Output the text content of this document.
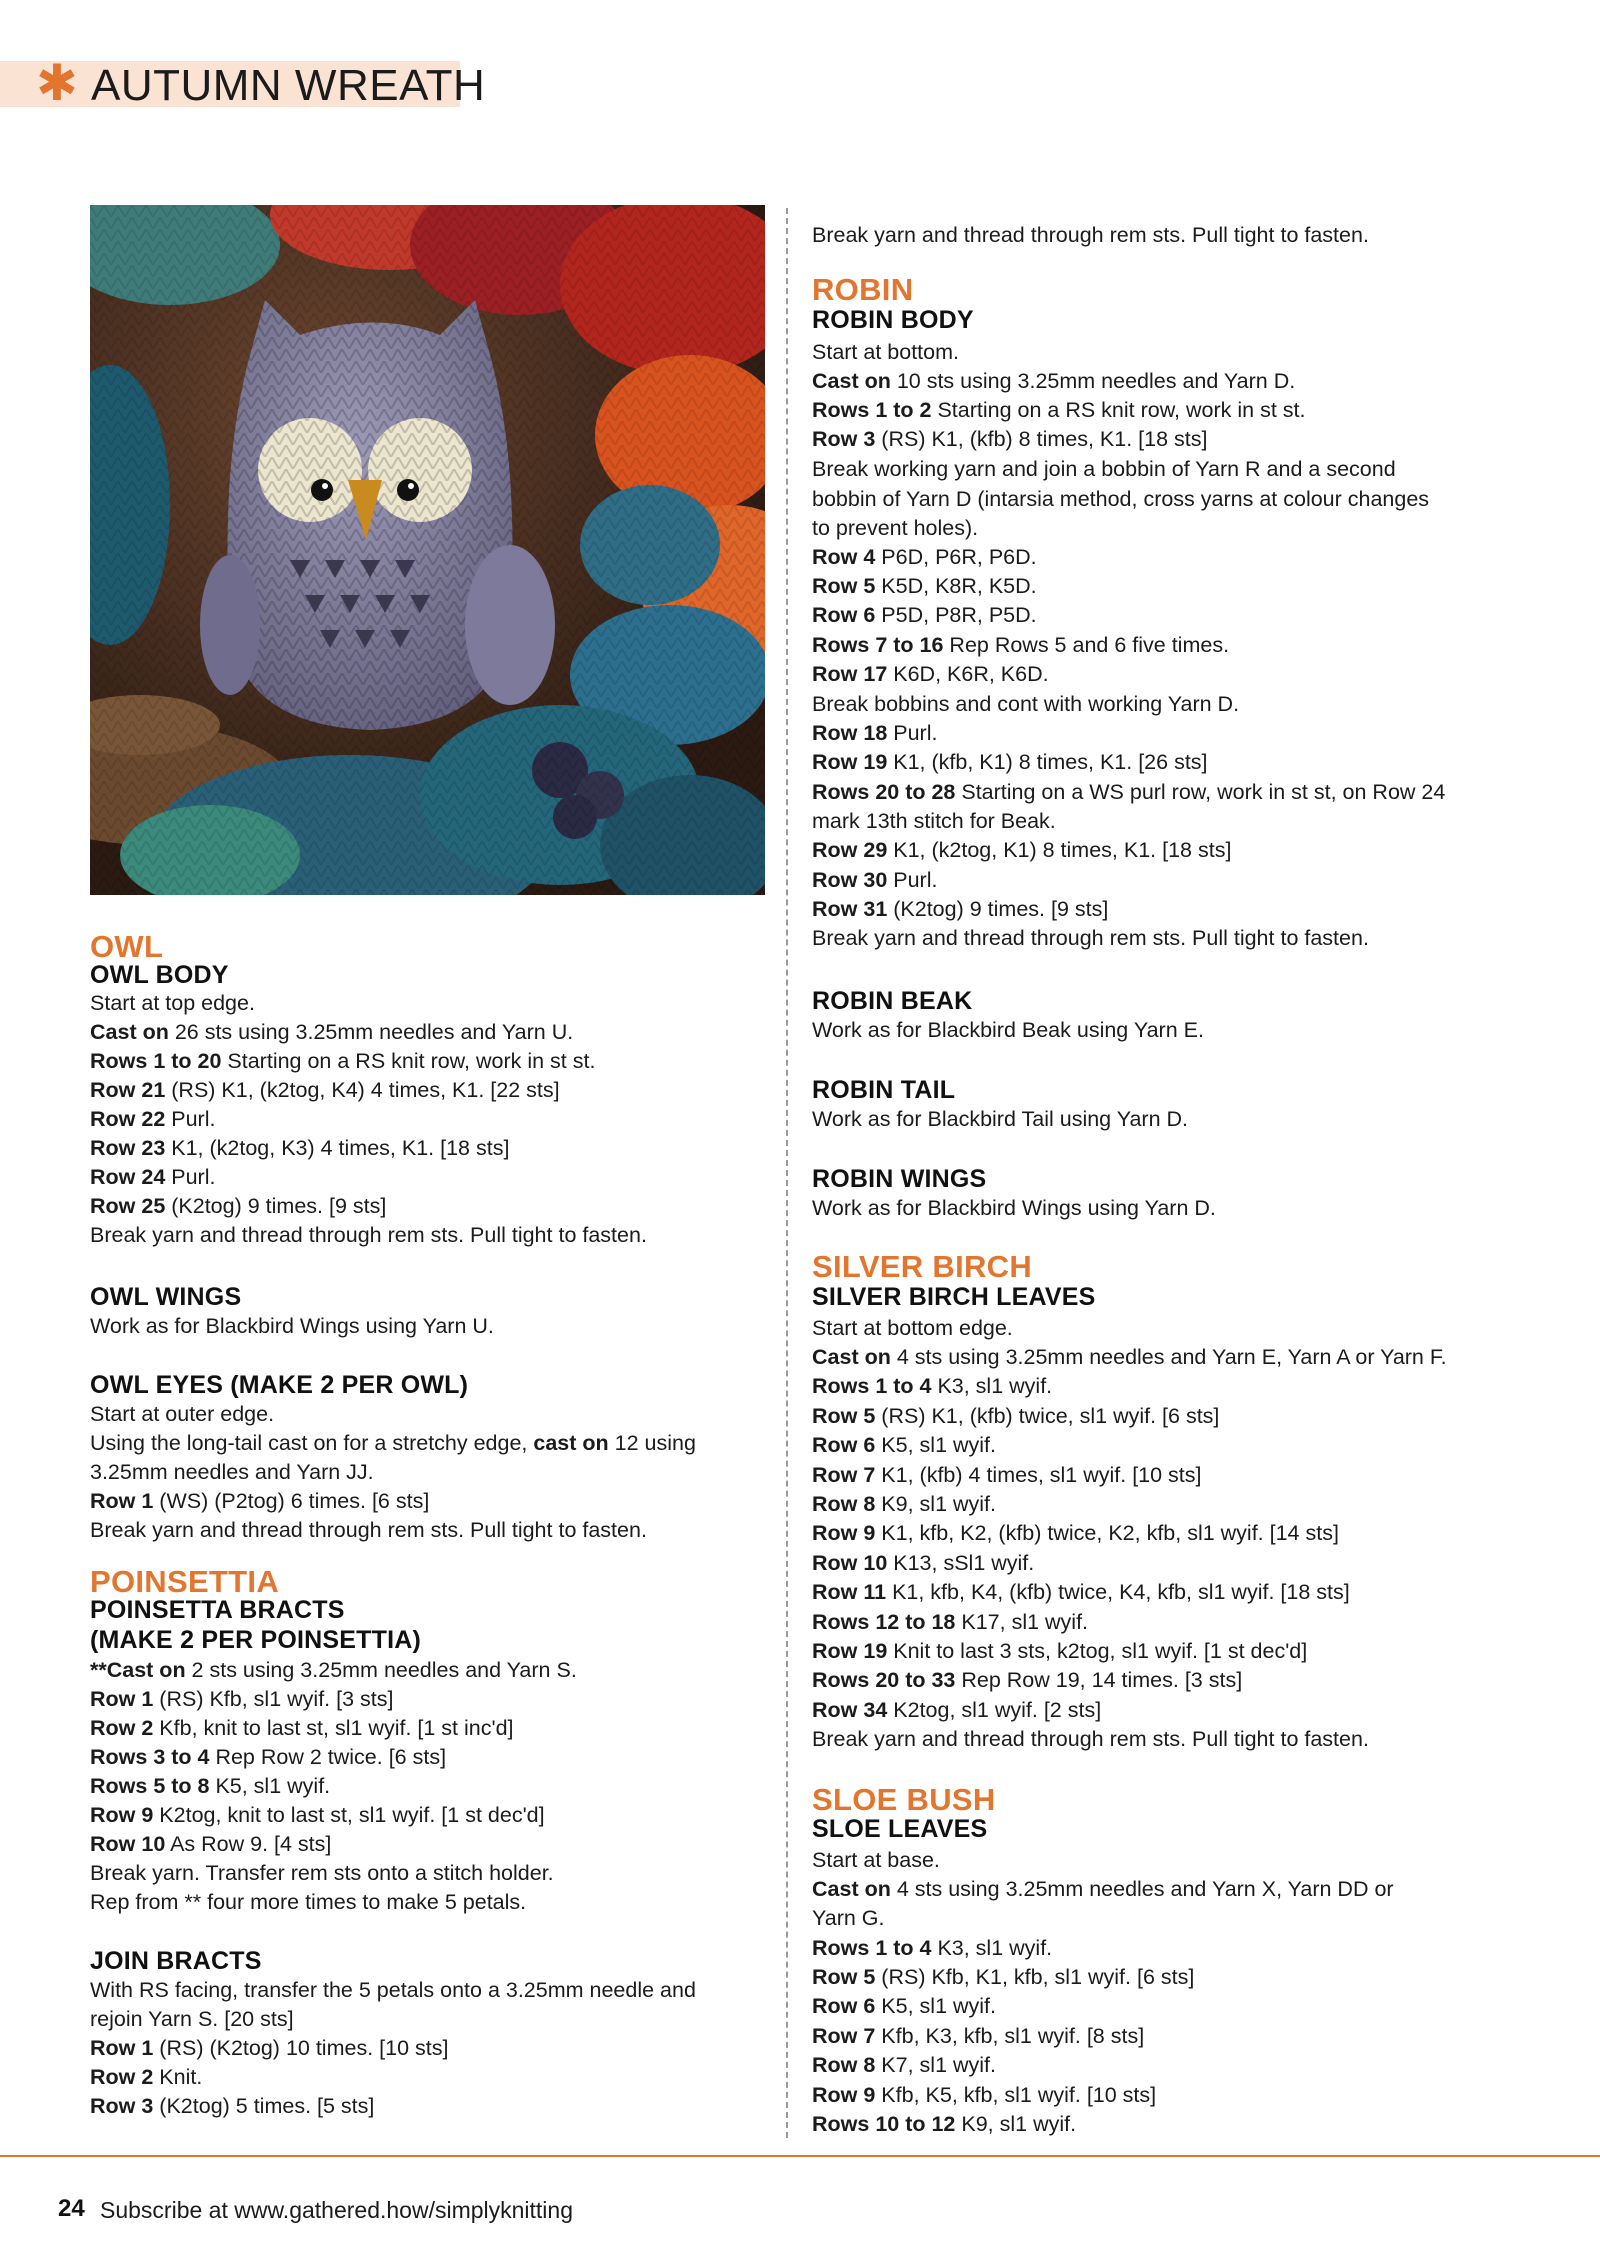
✱ AUTUMN WREATH
OWL
OWL BODY
Start at top edge.
Cast on 26 sts using 3.25mm needles and Yarn U.
Rows 1 to 20 Starting on a RS knit row, work in st st.
Row 21 (RS) K1, (k2tog, K4) 4 times, K1. [22 sts]
Row 22 Purl.
Row 23 K1, (k2tog, K3) 4 times, K1. [18 sts]
Row 24 Purl.
Row 25 (K2tog) 9 times. [9 sts]
Break yarn and thread through rem sts. Pull tight to fasten.
OWL WINGS
Work as for Blackbird Wings using Yarn U.
OWL EYES (MAKE 2 PER OWL)
Start at outer edge.
Using the long-tail cast on for a stretchy edge, cast on 12 using
3.25mm needles and Yarn JJ.
Row 1 (WS) (P2tog) 6 times. [6 sts]
Break yarn and thread through rem sts. Pull tight to fasten.
POINSETTIA
POINSETTA BRACTS
(MAKE 2 PER POINSETTIA)
**Cast on 2 sts using 3.25mm needles and Yarn S.
Row 1 (RS) Kfb, sl1 wyif. [3 sts]
Row 2 Kfb, knit to last st, sl1 wyif. [1 st inc'd]
Rows 3 to 4 Rep Row 2 twice. [6 sts]
Rows 5 to 8 K5, sl1 wyif.
Row 9 K2tog, knit to last st, sl1 wyif. [1 st dec'd]
Row 10 As Row 9. [4 sts]
Break yarn. Transfer rem sts onto a stitch holder.
Rep from ** four more times to make 5 petals.
JOIN BRACTS
With RS facing, transfer the 5 petals onto a 3.25mm needle and
rejoin Yarn S. [20 sts]
Row 1 (RS) (K2tog) 10 times. [10 sts]
Row 2 Knit.
Row 3 (K2tog) 5 times. [5 sts]
Break yarn and thread through rem sts. Pull tight to fasten.
ROBIN
ROBIN BODY
Start at bottom.
Cast on 10 sts using 3.25mm needles and Yarn D.
Rows 1 to 2 Starting on a RS knit row, work in st st.
Row 3 (RS) K1, (kfb) 8 times, K1. [18 sts]
Break working yarn and join a bobbin of Yarn R and a second
bobbin of Yarn D (intarsia method, cross yarns at colour changes
to prevent holes).
Row 4 P6D, P6R, P6D.
Row 5 K5D, K8R, K5D.
Row 6 P5D, P8R, P5D.
Rows 7 to 16 Rep Rows 5 and 6 five times.
Row 17 K6D, K6R, K6D.
Break bobbins and cont with working Yarn D.
Row 18 Purl.
Row 19 K1, (kfb, K1) 8 times, K1. [26 sts]
Rows 20 to 28 Starting on a WS purl row, work in st st, on Row 24
mark 13th stitch for Beak.
Row 29 K1, (k2tog, K1) 8 times, K1. [18 sts]
Row 30 Purl.
Row 31 (K2tog) 9 times. [9 sts]
Break yarn and thread through rem sts. Pull tight to fasten.
ROBIN BEAK
Work as for Blackbird Beak using Yarn E.
ROBIN TAIL
Work as for Blackbird Tail using Yarn D.
ROBIN WINGS
Work as for Blackbird Wings using Yarn D.
SILVER BIRCH
SILVER BIRCH LEAVES
Start at bottom edge.
Cast on 4 sts using 3.25mm needles and Yarn E, Yarn A or Yarn F.
Rows 1 to 4 K3, sl1 wyif.
Row 5 (RS) K1, (kfb) twice, sl1 wyif. [6 sts]
Row 6 K5, sl1 wyif.
Row 7 K1, (kfb) 4 times, sl1 wyif. [10 sts]
Row 8 K9, sl1 wyif.
Row 9 K1, kfb, K2, (kfb) twice, K2, kfb, sl1 wyif. [14 sts]
Row 10 K13, sSl1 wyif.
Row 11 K1, kfb, K4, (kfb) twice, K4, kfb, sl1 wyif. [18 sts]
Rows 12 to 18 K17, sl1 wyif.
Row 19 Knit to last 3 sts, k2tog, sl1 wyif. [1 st dec'd]
Rows 20 to 33 Rep Row 19, 14 times. [3 sts]
Row 34 K2tog, sl1 wyif. [2 sts]
Break yarn and thread through rem sts. Pull tight to fasten.
SLOE BUSH
SLOE LEAVES
Start at base.
Cast on 4 sts using 3.25mm needles and Yarn X, Yarn DD or
Yarn G.
Rows 1 to 4 K3, sl1 wyif.
Row 5 (RS) Kfb, K1, kfb, sl1 wyif. [6 sts]
Row 6 K5, sl1 wyif.
Row 7 Kfb, K3, kfb, sl1 wyif. [8 sts]
Row 8 K7, sl1 wyif.
Row 9 Kfb, K5, kfb, sl1 wyif. [10 sts]
Rows 10 to 12 K9, sl1 wyif.
24 Subscribe at www.gathered.how/simplyknitting
